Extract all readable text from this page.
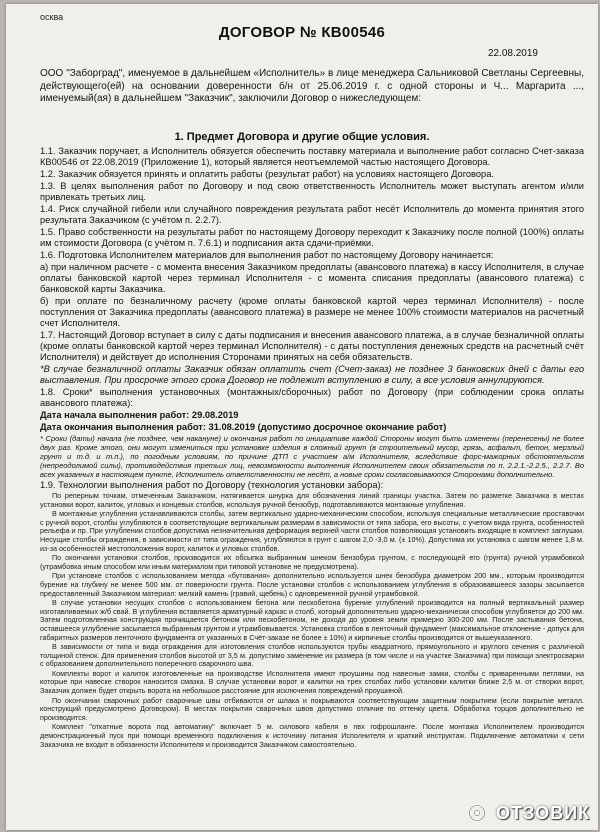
осква
ДОГОВОР № КВ00546
22.08.2019
ООО "Заборград", именуемое в дальнейшем «Исполнитель» в лице менеджера Сальниковой Светланы Сергеевны, действующего(ей) на основании доверенности б/н от 25.06.2019 г. с одной стороны и Ч... Маргарита ..., именуемый(ая) в дальнейшем "Заказчик", заключили Договор о нижеследующем:
1. Предмет Договора и другие общие условия.

1.1. Заказчик поручает, а Исполнитель обязуется обеспечить поставку материала и выполнение работ согласно Счет-заказа КВ00546 от 22.08.2019 (Приложение 1), который является неотъемлемой частью настоящего Договора.

1.2. Заказчик обязуется принять и оплатить работы (результат работ) на условиях настоящего Договора.

1.3. В целях выполнения работ по Договору и под свою ответственность Исполнитель может выступать агентом и/или привлекать третьих лиц.

1.4. Риск случайной гибели или случайного повреждения результата работ несёт Исполнитель до момента принятия этого результата Заказчиком (с учётом п. 2.2.7).

1.5. Право собственности на результаты работ по настоящему Договору переходит к Заказчику после полной (100%) оплаты им стоимости Договора (с учётом п. 7.6.1) и подписания акта сдачи-приёмки.

1.6. Подготовка Исполнителем материалов для выполнения работ по настоящему Договору начинается:

а) при наличном расчете - с момента внесения Заказчиком предоплаты (авансового платежа) в кассу Исполнителя, в случае оплаты банковской картой через терминал Исполнителя - с момента списания предоплаты (авансового платежа) с банковской карты Заказчика.

б) при оплате по безналичному расчету (кроме оплаты банковской картой через терминал Исполнителя) - после поступления от Заказчика предоплаты (авансового платежа) в размере не менее 100% стоимости материалов на расчетный счет Исполнителя.

1.7. Настоящий Договор вступает в силу с даты подписания и внесения авансового платежа, а в случае безналичной оплаты (кроме оплаты банковской картой через терминал Исполнителя) - с даты поступления денежных средств на расчетный счёт Исполнителя) и действует до исполнения Сторонами принятых на себя обязательств.

*В случае безналичной оплаты Заказчик обязан оплатить счет (Счет-заказ) не позднее 3 банковских дней с даты его выставления. При просрочке этого срока Договор не подлежит вступлению в силу, а все условия аннулируются.

1.8. Сроки* выполнения установочных (монтажных/сборочных) работ по Договору (при соблюдении срока оплаты авансового платежа):

Дата начала выполнения работ: 29.08.2019

Дата окончания выполнения работ: 31.08.2019 (допустимо досрочное окончание работ)

* Сроки (даты) начала (не позднее, чем накануне) и окончания работ по инициативе каждой Стороны могут быть изменены (перенесены) не более двух раз. Кроме этого, они могут измениться при установке изделия в сложный грунт (в строительный мусор, грязь, асфальт, бетон, мерзлый грунт и т.д. и т.п.), по погодным условиям, по причине ДТП с участием а/м Исполнителя, вследствие форс-мажорных обстоятельств (непреодолимой силы), противодействия третьих лиц, невозможности выполнения Исполнителем своих обязательств по п. 2.2.1.-2.2.5., 2.2.7. Во всех указанных в настоящем пункте, Исполнитель ответственности не несёт, а новые сроки согласовываются Сторонами дополнительно.

1.9. Технологии выполнения работ по Договору (технология установки забора):

По реперным точкам, отмеченным Заказчиком, натягивается шнурка для обозначения линий границы участка. Затем по разметке Заказчика в местах установки ворот, калиток, угловых и концевых столбов, используя ручной бензобур, подготавливаются монтажные углубления.

В монтажные углубления устанавливаются столбы, затем вертикально ударно-механическим способом, используя специальные металлические проставочки с ручной ворот, столбы углубляются в соответствующие вертикальным размерам в зависимости от типа забора, его высоты, с учетом вида грунта, особенностей рельефа и пр. При углублении столбов допустима незначительная деформация верхней части столбов позволяющая установить входящие в комплект заглушки. Несущие столбы ограждения, в зависимости от типа ограждения, углубляются в грунт с шагом 2,0 -3,0 м. (± 10%). Допустима их установка с шагом менее 1,8 м. из-за особенностей местоположения ворот, калиток и угловых столбов.

По окончании установки столбов, производится их обсыпка выбранным шнеком бензобура грунтом, с последующей его (грунта) ручной утрамбовкой (утрамбовка иным способом или иным материалом при типовой установке не предусмотрена).

При установке столбов с использованием метода «бутования» дополнительно используется шнек бензобура диаметром 200 мм., которым производится бурение на глубину не менее 500 мм. от поверхности грунта. После установки столбов с использованием углубления в образовавшееся зазоры засыпается предоставленный Заказчиком материал: мелкий камень (гравий, щебень) с одновременной ручной утрамбовкой.

В случае установки несущих столбов с использованием бетона или пескобетона бурение углублений производится на полный вертикальный размер изготавливаемых ж/б свай. В углубления вставляется арматурный каркас и столб, который дополнительно ударно-механически способом углубляется до 200 мм. Затем подготовленная конструкция прочищается бетоном или пескобетоном, не доходя до уровня земли примерно 300-200 мм. После застывания бетона, оставшееся углубление засыпается выбранным грунтом и утрамбовывается. Установка столбов в ленточный фундамент (максимальное отклонение - допуск для габаритных размеров ленточного фундамента от указанных в Счёт-заказе не более ± 10%) и кирпичные столбы производится от вышеуказанного.

В зависимости от типа и вида ограждения для изготовления столбов используются трубы квадратного, прямоугольного и круглого сечения с различной толщиной стенок. Для применения столбов высотой от 3,5 м. допустимо заменение их размера (в том числе и на участке Заказчика) при помощи электросварки с образованием дополнительного поперечного сварочного шва.

Комплекты ворот и калиток изготовленные на производстве Исполнителя имеют проушины под навесные замки, столбы с приваренными петлями, на которые при навеске створок наносится смазка. В случае установки ворот и калитки на трех столбах либо установки калитки ближе 2,5 м. от створки ворот, Заказчик должен будет открыть ворота на небольшое расстояние для исключения повреждений проушиной.

По окончании сварочных работ сварочные швы отбиваются от шлака и покрываются соответствующим защитным покрытием (если покрытие металл. конструкций предусмотрено Договором). В местах покрытия сварочных швов допустимо отличие по оттенку цвета. Обработка торцов дополнительно не производится.

Комплект "откатные ворота под автоматику" включает 5 м. силового кабеля в пвх гофрошланге. После монтажа Исполнителем производится демонстрационный пуск при помощи временного подключения к источнику питания Исполнителя и краткий инструктаж. Подключение автоматики к сети Заказчика не входит в обязанности Исполнителя и производится Заказчиком самостоятельно.

ОТЗОВИК
